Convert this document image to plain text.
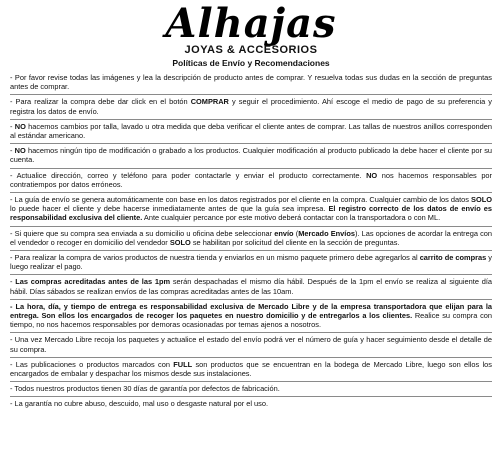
Alhajas
JOYAS & ACCESORIOS
Políticas de Envío y Recomendaciones
- Por favor revise todas las imágenes y lea la descripción de producto antes de comprar. Y resuelva todas sus dudas en la sección de preguntas antes de comprar.
- Para realizar la compra debe dar click en el botón COMPRAR y seguir el procedimiento. Ahí escoge el medio de pago de su preferencia y registra los datos de envío.
- NO hacemos cambios por talla, lavado u otra medida que deba verificar el cliente antes de comprar. Las tallas de nuestros anillos corresponden al estándar americano.
- NO hacemos ningún tipo de modificación o grabado a los productos. Cualquier modificación al producto publicado la debe hacer el cliente por su cuenta.
- Actualice dirección, correo y teléfono para poder contactarle y enviar el producto correctamente. NO nos hacemos responsables por contratiempos por datos erróneos.
- La guía de envío se genera automáticamente con base en los datos registrados por el cliente en la compra. Cualquier cambio de los datos SOLO lo puede hacer el cliente y debe hacerse inmediatamente antes de que la guía sea impresa. El registro correcto de los datos de envío es responsabilidad exclusiva del cliente. Ante cualquier percance por este motivo deberá contactar con la transportadora o con ML.
- Si quiere que su compra sea enviada a su domicilio u oficina debe seleccionar envío (Mercado Envíos). Las opciones de acordar la entrega con el vendedor o recoger en domicilio del vendedor SOLO se habilitan por solicitud del cliente en la sección de preguntas.
- Para realizar la compra de varios productos de nuestra tienda y enviarlos en un mismo paquete primero debe agregarlos al carrito de compras y luego realizar el pago.
- Las compras acreditadas antes de las 1pm serán despachadas el mismo día hábil. Después de la 1pm el envío se realiza al siguiente día hábil. Días sábados se realizan envíos de las compras acreditadas antes de las 10am.
- La hora, día, y tiempo de entrega es responsabilidad exclusiva de Mercado Libre y de la empresa transportadora que elijan para la entrega. Son ellos los encargados de recoger los paquetes en nuestro domicilio y de entregarlos a los clientes. Realice su compra con tiempo, no nos hacemos responsables por demoras ocasionadas por temas ajenos a nosotros.
- Una vez Mercado Libre recoja los paquetes y actualice el estado del envío podrá ver el número de guía y hacer seguimiento desde el detalle de su compra.
- Las publicaciones o productos marcados con FULL son productos que se encuentran en la bodega de Mercado Libre, luego son ellos los encargados de embalar y despachar los mismos desde sus instalaciones.
- Todos nuestros productos tienen 30 días de garantía por defectos de fabricación.
- La garantía no cubre abuso, descuido, mal uso o desgaste natural por el uso.
